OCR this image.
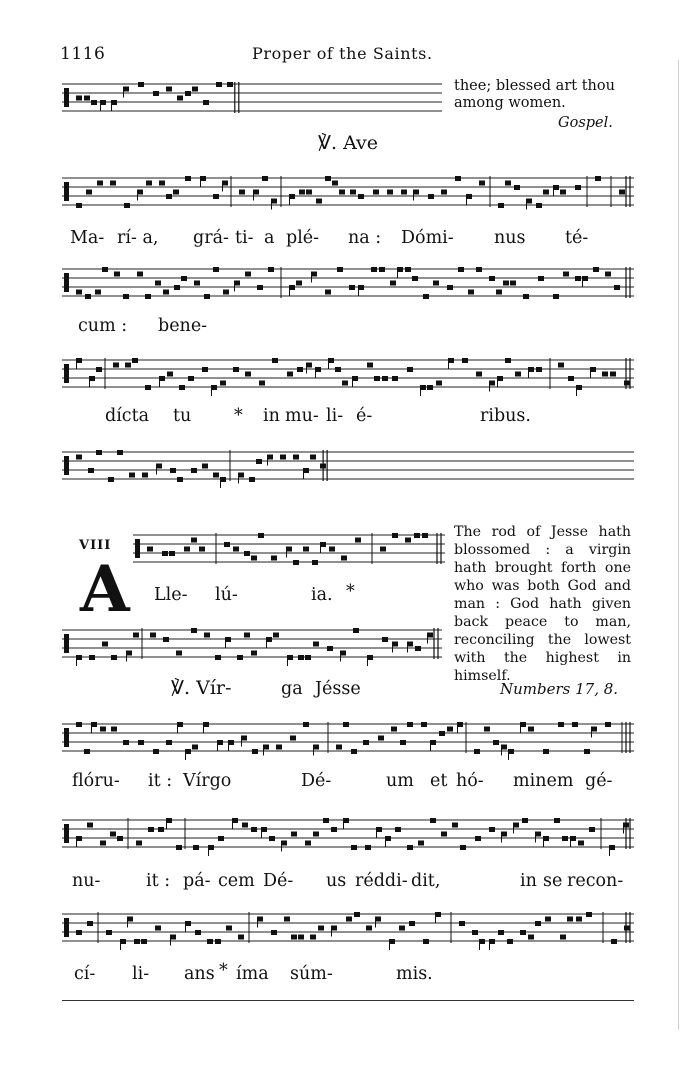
1116	Proper of the Saints.
thee; blessed art thou
among women.
Gospel.
℣. Ave
Ma- rí- a, grá- ti- a plé- na : Dómi- nus té-
cum : bene-
dícta tu * in mu- li- é-	ribus.
VIII
A Lle- lú-	ia. *
The rod of Jesse hath blossomed : a virgin hath brought forth one who was both God and man : God hath given back peace to man, reconciling the lowest with the highest in himself.
Numbers 17, 8.
℣. Vír-	ga Jésse
flóru- it : Vírgo	Dé-	um et hó- minem gé-
nu-	it : pá- cem Dé- us réddi- dit,	in se recon-
cí- li- ans * íma súm-	mis.
